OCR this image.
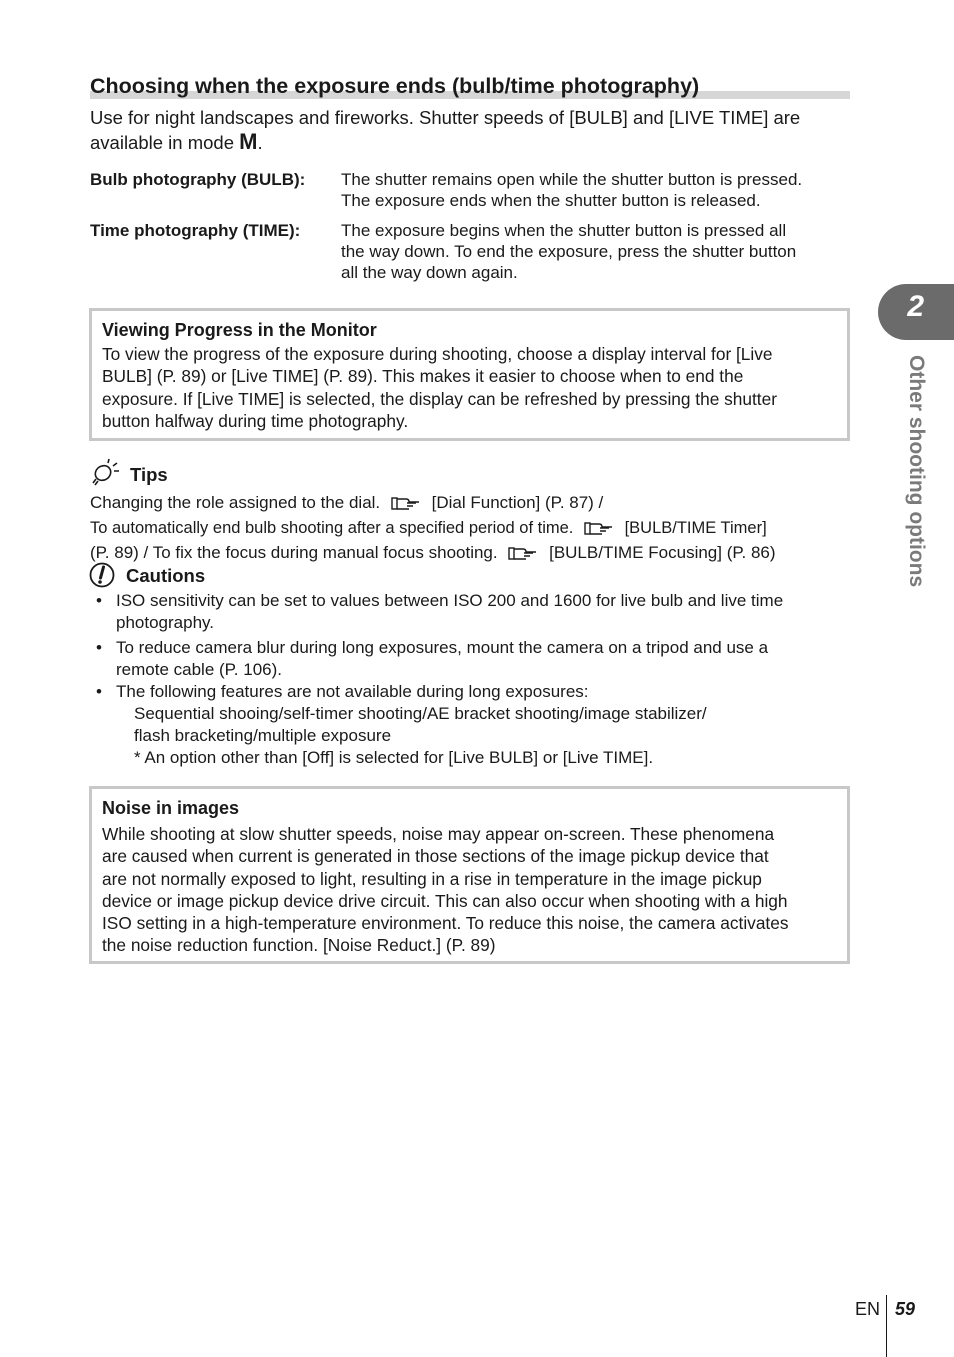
Choosing when the exposure ends (bulb/time photography)
Use for night landscapes and fireworks. Shutter speeds of [BULB] and [LIVE TIME] are available in mode M.
Bulb photography (BULB): The shutter remains open while the shutter button is pressed.
The exposure ends when the shutter button is released.
Time photography (TIME): The exposure begins when the shutter button is pressed all
the way down. To end the exposure, press the shutter button
all the way down again.
Viewing Progress in the Monitor
To view the progress of the exposure during shooting, choose a display interval for [Live
BULB] (P. 89) or [Live TIME] (P. 89). This makes it easier to choose when to end the
exposure. If [Live TIME] is selected, the display can be refreshed by pressing the shutter
button halfway during time photography.
Tips
Changing the role assigned to the dial.	[Dial Function] (P. 87) /
To automatically end bulb shooting after a specified period of time.	[BULB/TIME Timer]
(P. 89) / To fix the focus during manual focus shooting.	[BULB/TIME Focusing] (P. 86)
Cautions
• ISO sensitivity can be set to values between ISO 200 and 1600 for live bulb and live time
photography.
• To reduce camera blur during long exposures, mount the camera on a tripod and use a
remote cable (P. 106).
• The following features are not available during long exposures:
Sequential shooing/self-timer shooting/AE bracket shooting/image stabilizer/
flash bracketing/multiple exposure
* An option other than [Off] is selected for [Live BULB] or [Live TIME].
Noise in images
While shooting at slow shutter speeds, noise may appear on-screen. These phenomena
are caused when current is generated in those sections of the image pickup device that
are not normally exposed to light, resulting in a rise in temperature in the image pickup
device or image pickup device drive circuit. This can also occur when shooting with a high
ISO setting in a high-temperature environment. To reduce this noise, the camera activates
the noise reduction function. [Noise Reduct.] (P. 89)
2
Other shooting options
EN 59
